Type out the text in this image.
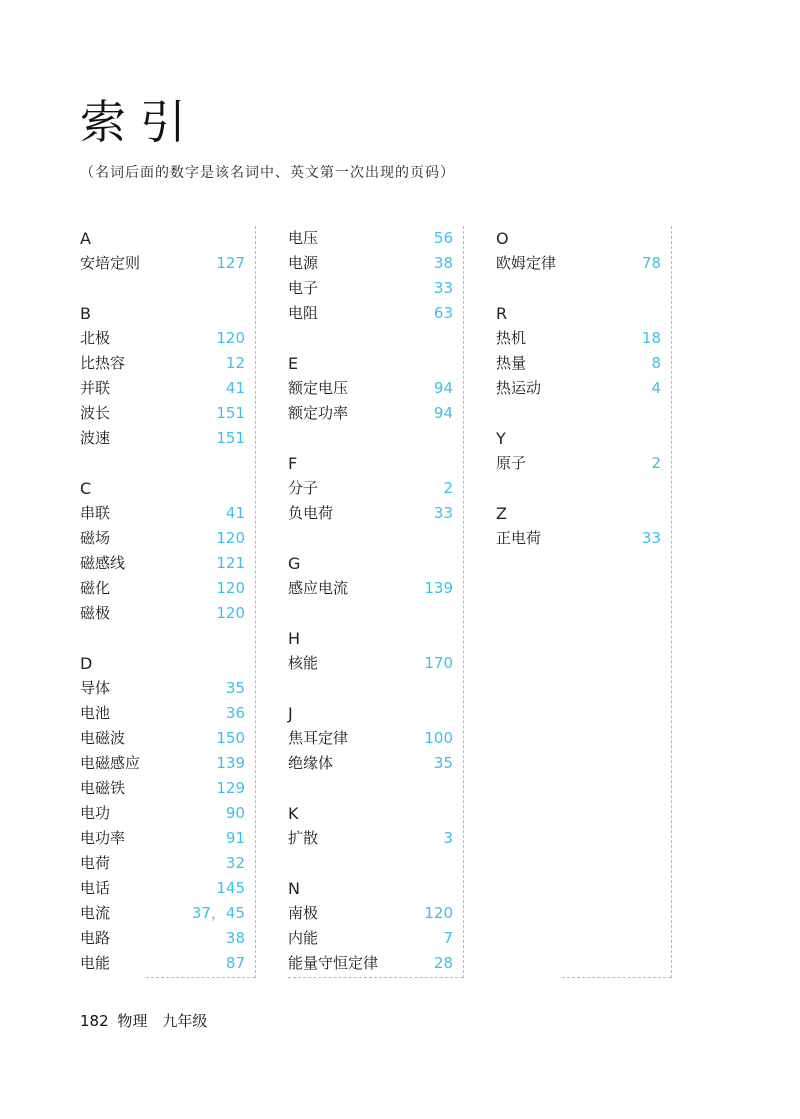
索引
（名词后面的数字是该名词中、英文第一次出现的页码）
A
安培定则	127
B
北极	120
比热容	12
并联	41
波长	151
波速	151
C
串联	41
磁场	120
磁感线	121
磁化	120
磁极	120
D
导体	35
电池	36
电磁波	150
电磁感应	139
电磁铁	129
电功	90
电功率	91
电荷	32
电话	145
电流	37，45
电路	38
电能	87
电压	56
电源	38
电子	33
电阻	63
E
额定电压	94
额定功率	94
F
分子	2
负电荷	33
G
感应电流	139
H
核能	170
J
焦耳定律	100
绝缘体	35
K
扩散	3
N
南极	120
内能	7
能量守恒定律	28
O
欧姆定律	78
R
热机	18
热量	8
热运动	4
Y
原子	2
Z
正电荷	33
182 物理　九年级
